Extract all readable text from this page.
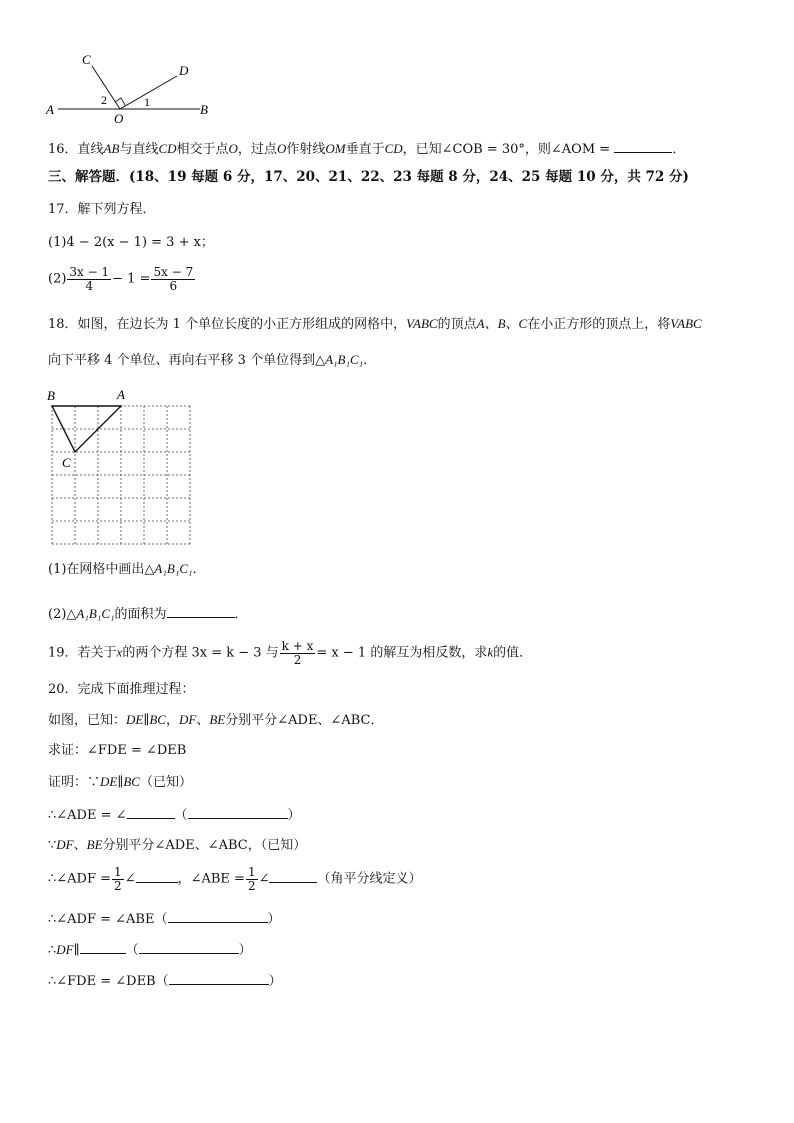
C
D
A	B
O
2	1
16．直线AB与直线CD相交于点O，过点O作射线OM垂直于CD，已知∠COB = 30°，则∠AOM =	．
三、解答题．(18、19 每题 6 分，17、20、21、22、23 每题 8 分，24、25 每题 10 分，共 72 分)
17．解下列方程．
(1)4 − 2(x − 1) = 3 + x；
$(2) \frac{3x - 1}{4} - 1 = \frac{5x - 7}{6}$
18．如图，在边长为 1 个单位长度的小正方形组成的网格中，VABC的顶点A、B、C在小正方形的顶点上，将VABC
向下平移 4 个单位、再向右平移 3 个单位得到△A₁B₁C₁．
B	A
C
(1)在网格中画出△A₁B₁C₁．
(2)△A₁B₁C₁的面积为	．
19．若关于x的两个方程 3x = k − 3 与 $\frac{k + x}{2} = x - 1$ 的解互为相反数，求k的值．
20．完成下面推理过程：
如图，已知：DE∥BC，DF、BE分别平分∠ADE、∠ABC．
求证：∠FDE = ∠DEB
证明：∵DE∥BC（已知）
∴∠ADE = ∠	（	）
∵DF、BE分别平分∠ADE、∠ABC，（已知）
∴∠ADF = $\frac{1}{2}$ ∠	，∠ABE = $\frac{1}{2}$ ∠	（角平分线定义）
∴∠ADF = ∠ABE（	）
∴DF∥	（	）
∴∠FDE = ∠DEB（	）
